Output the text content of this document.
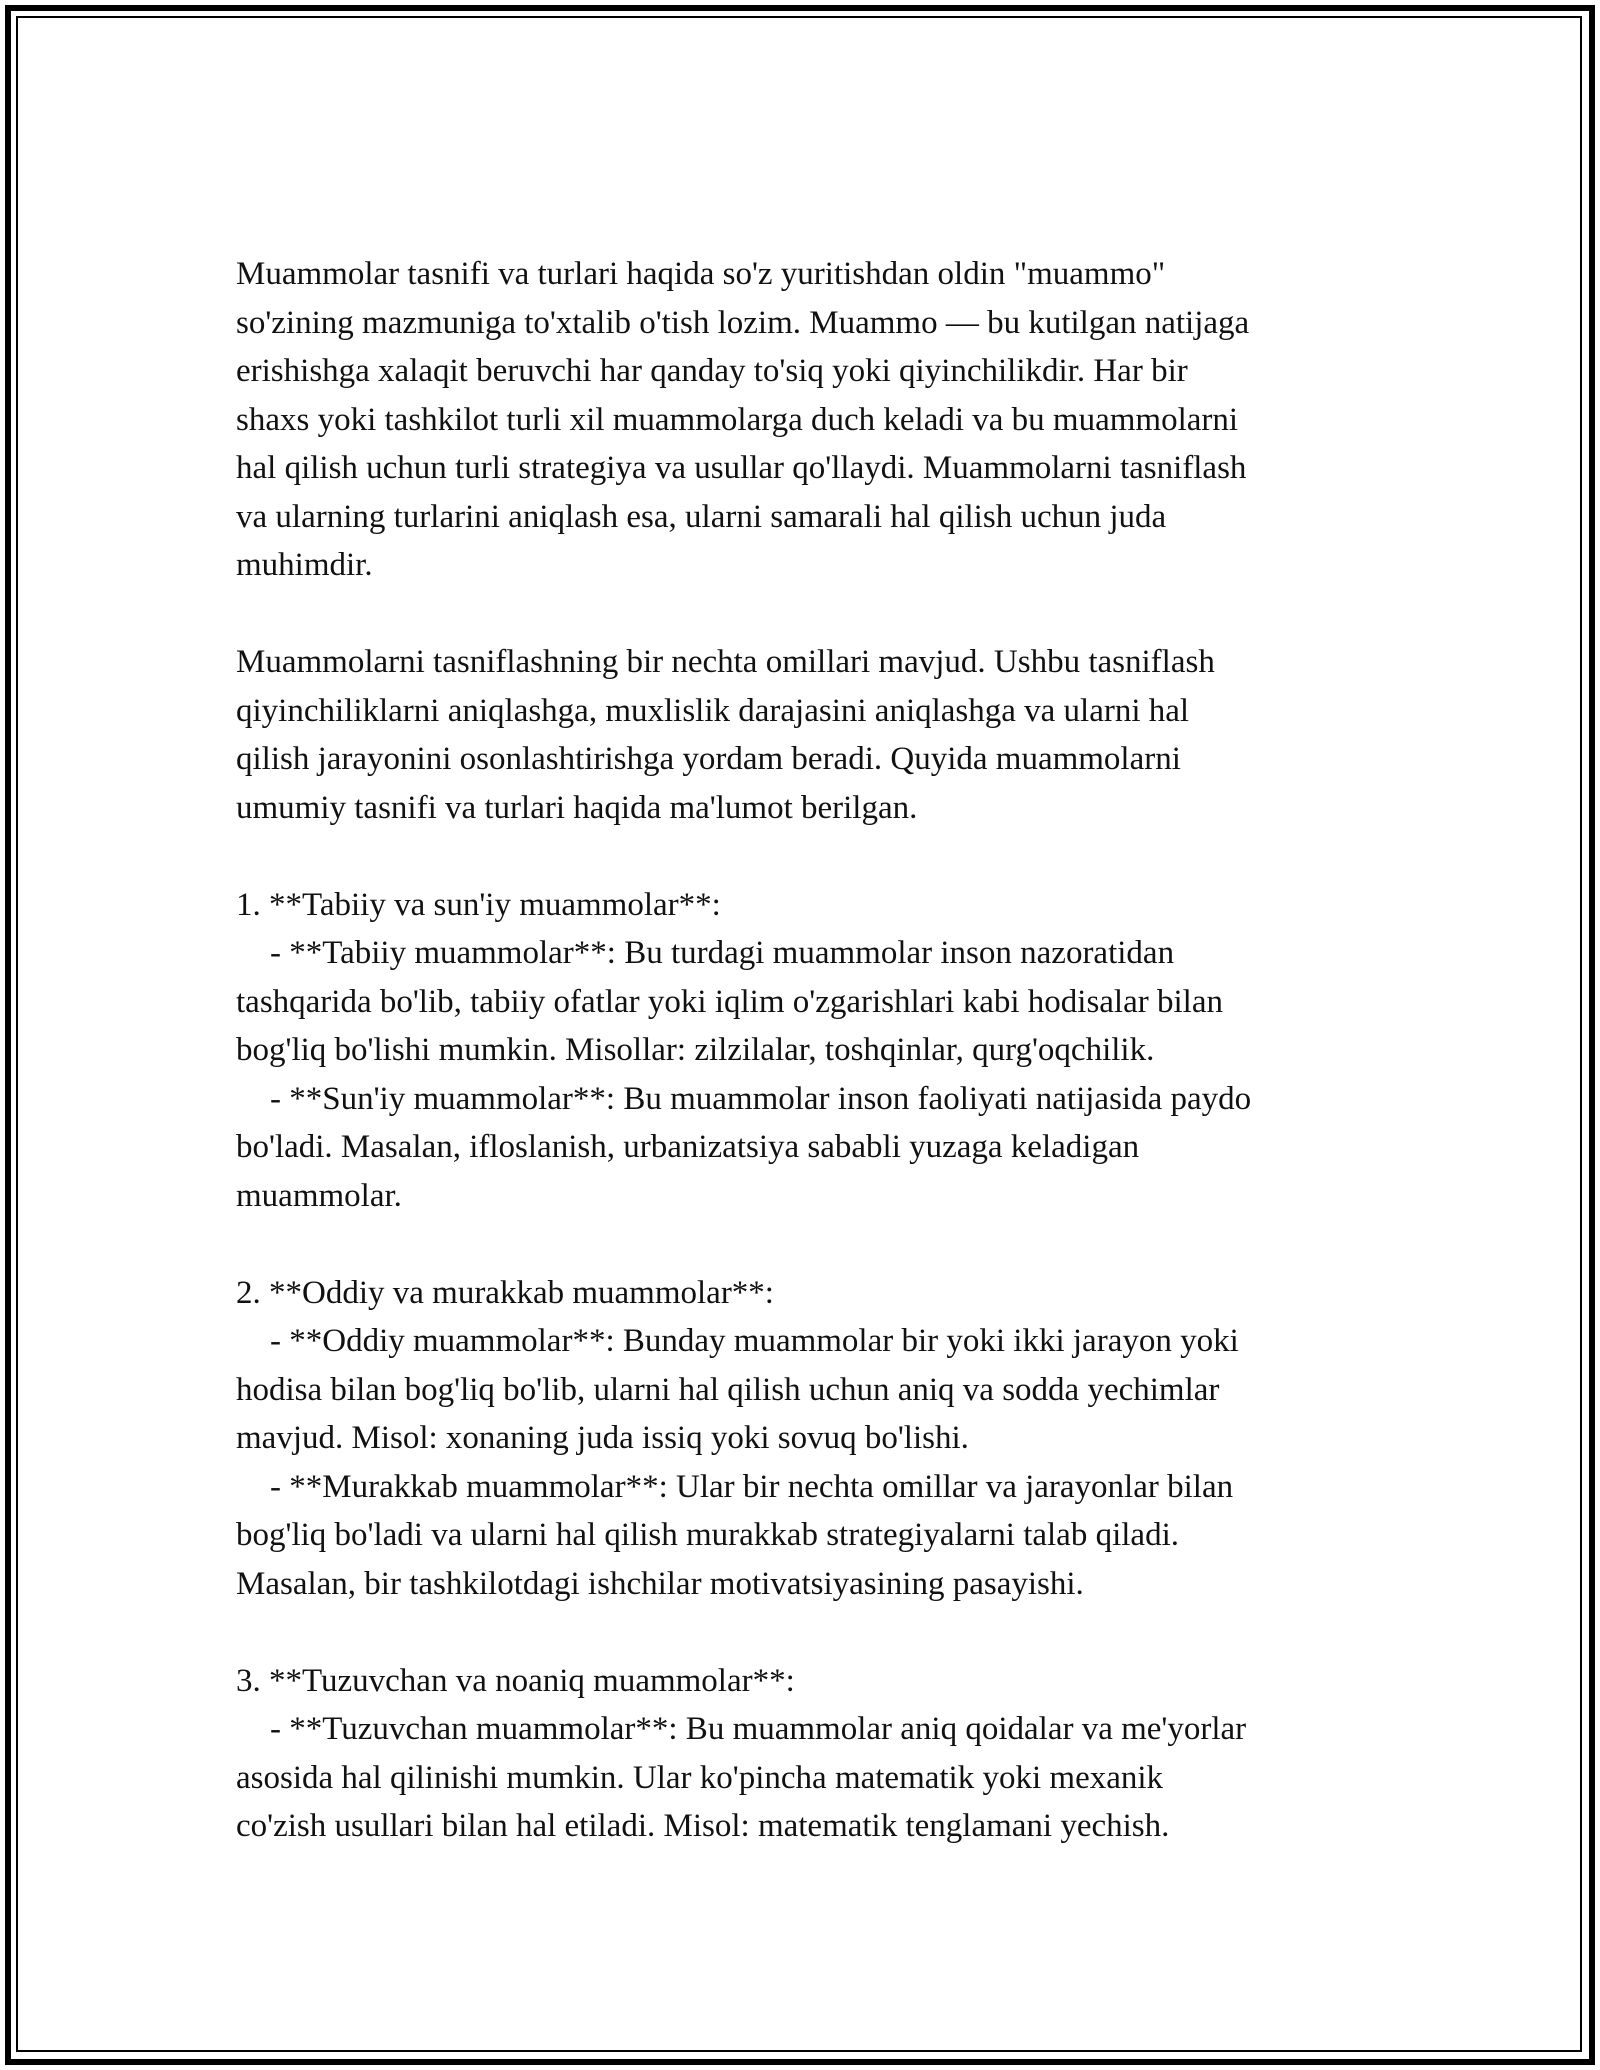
Muammolar tasnifi va turlari haqida so'z yuritishdan oldin "muammo"
so'zining mazmuniga to'xtalib o'tish lozim. Muammo — bu kutilgan natijaga
erishishga xalaqit beruvchi har qanday to'siq yoki qiyinchilikdir. Har bir
shaxs yoki tashkilot turli xil muammolarga duch keladi va bu muammolarni
hal qilish uchun turli strategiya va usullar qo'llaydi. Muammolarni tasniflash
va ularning turlarini aniqlash esa, ularni samarali hal qilish uchun juda
muhimdir.

Muammolarni tasniflashning bir nechta omillari mavjud. Ushbu tasniflash
qiyinchiliklarni aniqlashga, muxlislik darajasini aniqlashga va ularni hal
qilish jarayonini osonlashtirishga yordam beradi. Quyida muammolarni
umumiy tasnifi va turlari haqida ma'lumot berilgan.

1. **Tabiiy va sun'iy muammolar**:
- **Tabiiy muammolar**: Bu turdagi muammolar inson nazoratidan
tashqarida bo'lib, tabiiy ofatlar yoki iqlim o'zgarishlari kabi hodisalar bilan
bog'liq bo'lishi mumkin. Misollar: zilzilalar, toshqinlar, qurg'oqchilik.
- **Sun'iy muammolar**: Bu muammolar inson faoliyati natijasida paydo
bo'ladi. Masalan, ifloslanish, urbanizatsiya sababli yuzaga keladigan
muammolar.

2. **Oddiy va murakkab muammolar**:
- **Oddiy muammolar**: Bunday muammolar bir yoki ikki jarayon yoki
hodisa bilan bog'liq bo'lib, ularni hal qilish uchun aniq va sodda yechimlar
mavjud. Misol: xonaning juda issiq yoki sovuq bo'lishi.
- **Murakkab muammolar**: Ular bir nechta omillar va jarayonlar bilan
bog'liq bo'ladi va ularni hal qilish murakkab strategiyalarni talab qiladi.
Masalan, bir tashkilotdagi ishchilar motivatsiyasining pasayishi.

3. **Tuzuvchan va noaniq muammolar**:
- **Tuzuvchan muammolar**: Bu muammolar aniq qoidalar va me'yorlar
asosida hal qilinishi mumkin. Ular ko'pincha matematik yoki mexanik
co'zish usullari bilan hal etiladi. Misol: matematik tenglamani yechish.
